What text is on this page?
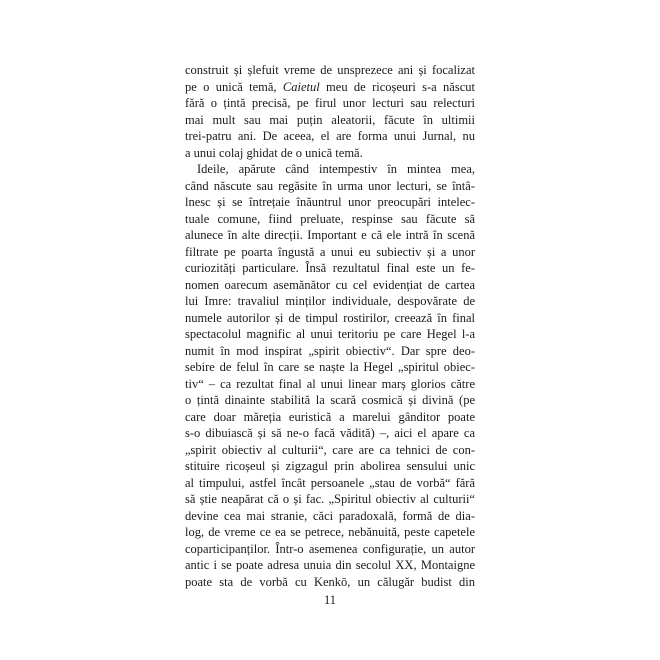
construit și șlefuit vreme de unsprezece ani și focalizat
pe o unică temă, Caietul meu de ricoșeuri s-a născut
fără o țintă precisă, pe firul unor lecturi sau relecturi
mai mult sau mai puțin aleatorii, făcute în ultimii
trei-patru ani. De aceea, el are forma unui Jurnal, nu
a unui colaj ghidat de o unică temă.
Ideile, apărute când intempestiv în mintea mea,
când născute sau regăsite în urma unor lecturi, se întâ-
lnesc și se întrețaie înăuntrul unor preocupări intelec-
tuale comune, fiind preluate, respinse sau făcute să
alunece în alte direcții. Important e că ele intră în scenă
filtrate pe poarta îngustă a unui eu subiectiv și a unor
curiozități particulare. Însă rezultatul final este un fe-
nomen oarecum asemănător cu cel evidențiat de cartea
lui Imre: travaliul minților individuale, despovărate de
numele autorilor și de timpul rostirilor, creează în final
spectacolul magnific al unui teritoriu pe care Hegel l-a
numit în mod inspirat „spirit obiectiv“. Dar spre deo-
sebire de felul în care se naște la Hegel „spiritul obiec-
tiv“ – ca rezultat final al unui linear marș glorios către
o țintă dinainte stabilită la scară cosmică și divină (pe
care doar măreția euristică a marelui gânditor poate
s-o dibuiască și să ne-o facă vădită) –, aici el apare ca
„spirit obiectiv al culturii“, care are ca tehnici de con-
stituire ricoșeul și zigzagul prin abolirea sensului unic
al timpului, astfel încât persoanele „stau de vorbă“ fără
să știe neapărat că o și fac. „Spiritul obiectiv al culturii“
devine cea mai stranie, căci paradoxală, formă de dia-
log, de vreme ce ea se petrece, nebănuită, peste capetele
coparticipanților. Într-o asemenea configurație, un autor
antic i se poate adresa unuia din secolul XX, Montaigne
poate sta de vorbă cu Kenkō, un călugăr budist din
11
